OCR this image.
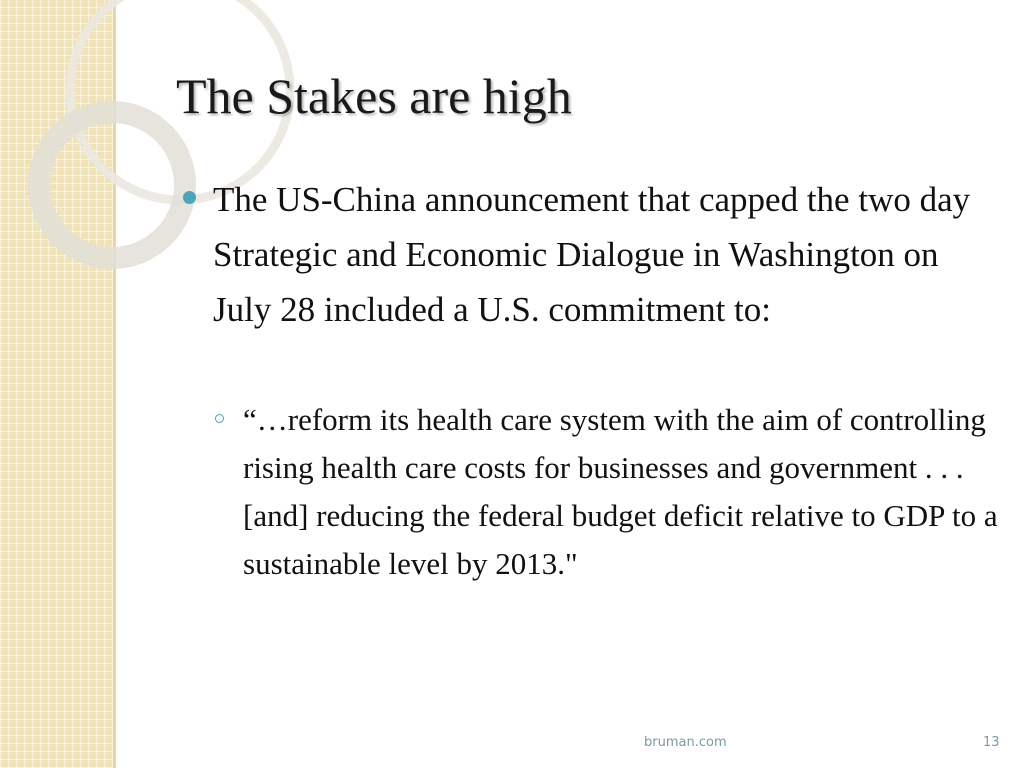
The Stakes are high
The US-China announcement that capped the two day Strategic and Economic Dialogue in Washington on July 28 included a U.S. commitment to:
“…reform its health care system with the aim of controlling rising health care costs for businesses and government . . . [and] reducing the federal budget deficit relative to GDP to a sustainable level by 2013."
bruman.com	13
